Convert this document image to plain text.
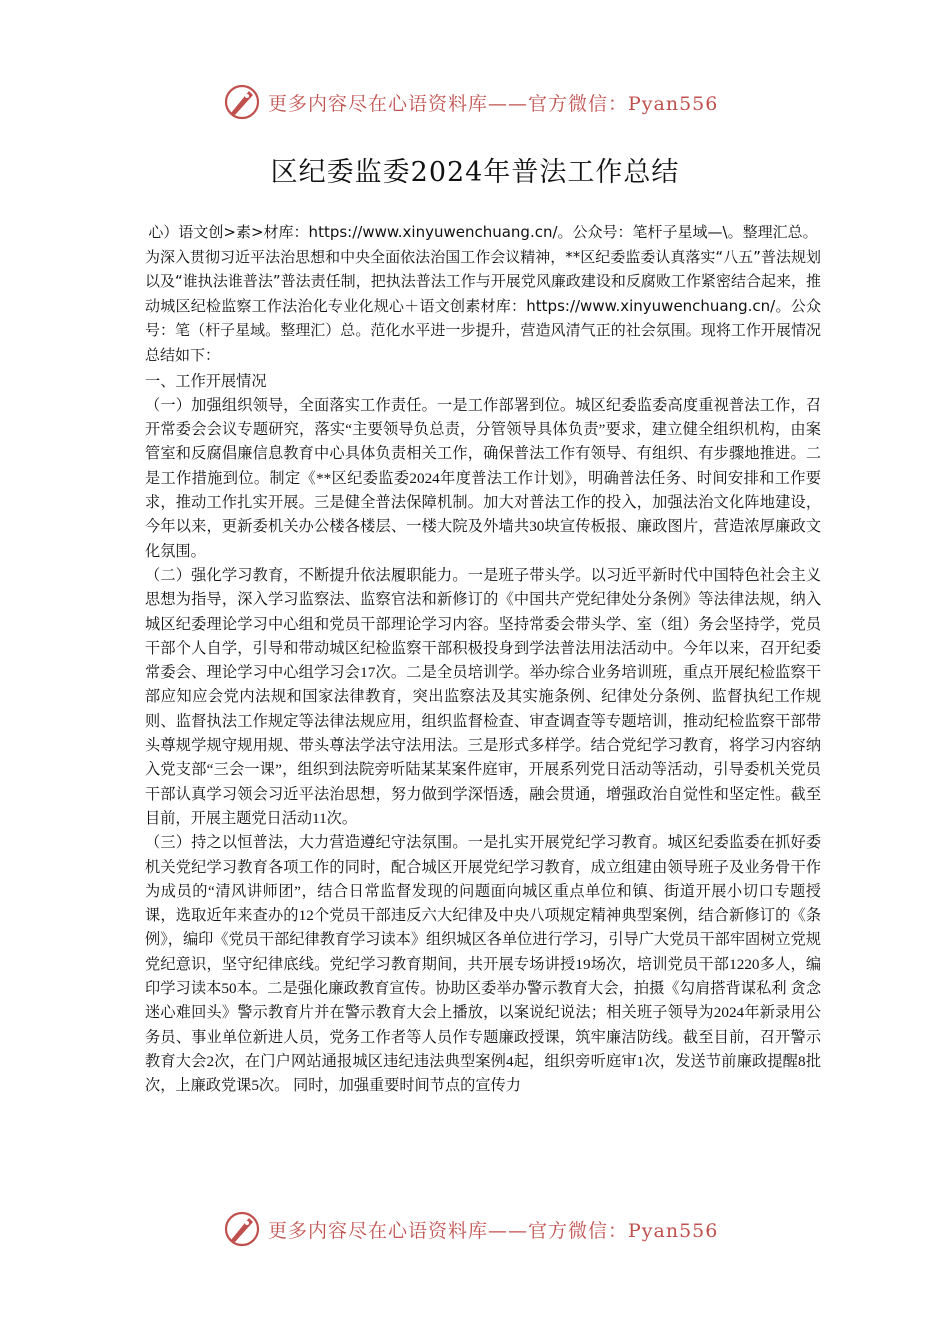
更多内容尽在心语资料库——官方微信：Pyan556
区纪委监委2024年普法工作总结
心）语文创>素>材库：https://www.xinyuwenchuang.cn/。公众号：笔杆子星域—\。整理汇总。
为深入贯彻习近平法治思想和中央全面依法治国工作会议精神，**区纪委监委认真落实“八五”普法规划以及“谁执法谁普法”普法责任制，把执法普法工作与开展党风廉政建设和反腐败工作紧密结合起来，推动城区纪检监察工作法治化专业化规心＋语文创素材库：https://www.xinyuwenchuang.cn/。公众号：笔（杆子星域。整理汇）总。范化水平进一步提升，营造风清气正的社会氛围。现将工作开展情况总结如下：
一、工作开展情况
（一）加强组织领导，全面落实工作责任。一是工作部署到位。城区纪委监委高度重视普法工作，召开常委会会议专题研究，落实“主要领导负总责，分管领导具体负责”要求，建立健全组织机构，由案管室和反腐倡廉信息教育中心具体负责相关工作，确保普法工作有领导、有组织、有步骤地推进。二是工作措施到位。制定《**区纪委监委2024年度普法工作计划》，明确普法任务、时间安排和工作要求，推动工作扎实开展。三是健全普法保障机制。加大对普法工作的投入，加强法治文化阵地建设，今年以来，更新委机关办公楼各楼层、一楼大院及外墙共30块宣传板报、廉政图片，营造浓厚廉政文化氛围。
（二）强化学习教育，不断提升依法履职能力。一是班子带头学。以习近平新时代中国特色社会主义思想为指导，深入学习监察法、监察官法和新修订的《中国共产党纪律处分条例》等法律法规，纳入城区纪委理论学习中心组和党员干部理论学习内容。坚持常委会带头学、室（组）务会坚持学，党员干部个人自学，引导和带动城区纪检监察干部积极投身到学法普法用法活动中。今年以来，召开纪委常委会、理论学习中心组学习会17次。二是全员培训学。举办综合业务培训班，重点开展纪检监察干部应知应会党内法规和国家法律教育，突出监察法及其实施条例、纪律处分条例、监督执纪工作规则、监督执法工作规定等法律法规应用，组织监督检查、审查调查等专题培训，推动纪检监察干部带头尊规学规守规用规、带头尊法学法守法用法。三是形式多样学。结合党纪学习教育，将学习内容纳入党支部“三会一课”，组织到法院旁听陆某某案件庭审，开展系列党日活动等活动，引导委机关党员干部认真学习领会习近平法治思想，努力做到学深悟透，融会贯通，增强政治自觉性和坚定性。截至目前，开展主题党日活动11次。
（三）持之以恒普法，大力营造遵纪守法氛围。一是扎实开展党纪学习教育。城区纪委监委在抓好委机关党纪学习教育各项工作的同时，配合城区开展党纪学习教育，成立组建由领导班子及业务骨干作为成员的“清风讲师团”，结合日常监督发现的问题面向城区重点单位和镇、街道开展小切口专题授课，选取近年来查办的12个党员干部违反六大纪律及中央八项规定精神典型案例，结合新修订的《条例》，编印《党员干部纪律教育学习读本》组织城区各单位进行学习，引导广大党员干部牢固树立党规党纪意识，坚守纪律底线。党纪学习教育期间，共开展专场讲授19场次，培训党员干部1220多人，编印学习读本50本。二是强化廉政教育宣传。协助区委举办警示教育大会，拍摄《勾肩搭背谋私利 贪念迷心难回头》警示教育片并在警示教育大会上播放，以案说纪说法；相关班子领导为2024年新录用公务员、事业单位新进人员，党务工作者等人员作专题廉政授课，筑牢廉洁防线。截至目前，召开警示教育大会2次，在门户网站通报城区违纪违法典型案例4起，组织旁听庭审1次，发送节前廉政提醒8批次，上廉政党课5次。 同时，加强重要时间节点的宣传力
更多内容尽在心语资料库——官方微信：Pyan556
